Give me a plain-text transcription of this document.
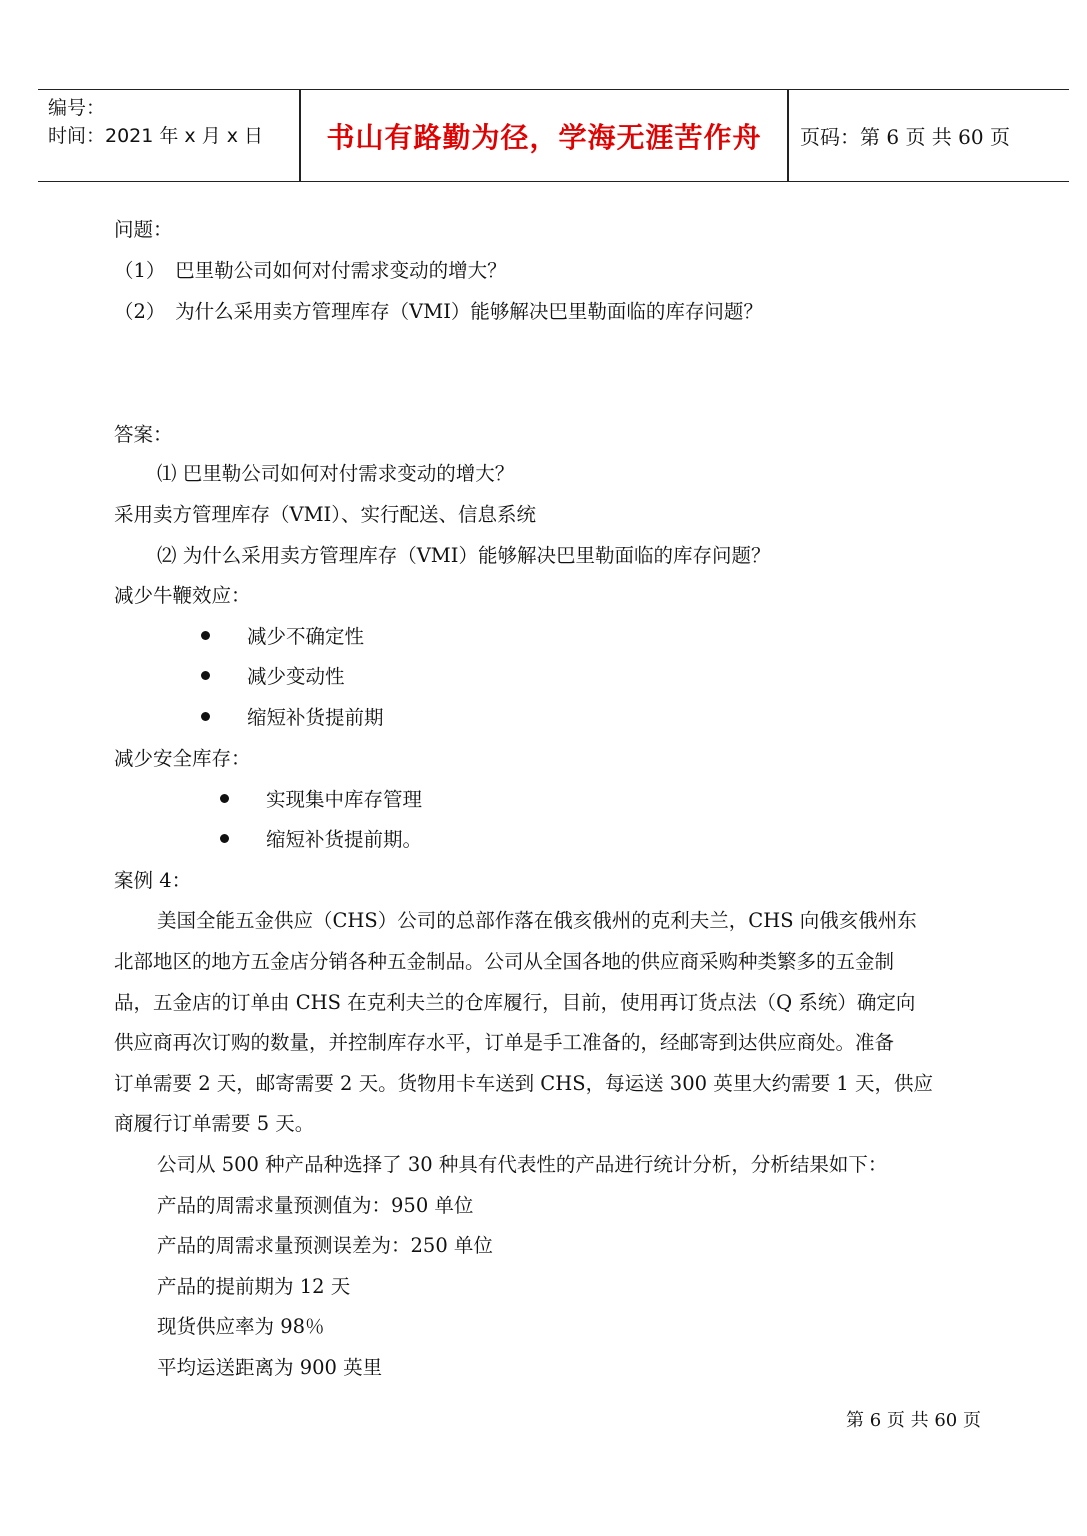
编号：
时间：2021 年 x 月 x 日	书山有路勤为径，学海无涯苦作舟	页码：第 6 页 共 60 页
问题：
（1）　巴里勒公司如何对付需求变动的增大？
（2）　为什么采用卖方管理库存（VMI）能够解决巴里勒面临的库存问题？
答案：
⑴ 巴里勒公司如何对付需求变动的增大？
采用卖方管理库存（VMI）、实行配送、信息系统
⑵ 为什么采用卖方管理库存（VMI）能够解决巴里勒面临的库存问题？
减少牛鞭效应：
减少不确定性
减少变动性
缩短补货提前期
减少安全库存：
实现集中库存管理
缩短补货提前期。
案例 4：
美国全能五金供应（CHS）公司的总部作落在俄亥俄州的克利夫兰，CHS 向俄亥俄州东
北部地区的地方五金店分销各种五金制品。公司从全国各地的供应商采购种类繁多的五金制
品，五金店的订单由 CHS 在克利夫兰的仓库履行，目前，使用再订货点法（Q 系统）确定向
供应商再次订购的数量，并控制库存水平，订单是手工准备的，经邮寄到达供应商处。准备
订单需要 2 天，邮寄需要 2 天。货物用卡车送到 CHS，每运送 300 英里大约需要 1 天，供应
商履行订单需要 5 天。
公司从 500 种产品种选择了 30 种具有代表性的产品进行统计分析，分析结果如下：
产品的周需求量预测值为：950 单位
产品的周需求量预测误差为：250 单位
产品的提前期为 12 天
现货供应率为 98％
平均运送距离为 900 英里
第 6 页 共 60 页
